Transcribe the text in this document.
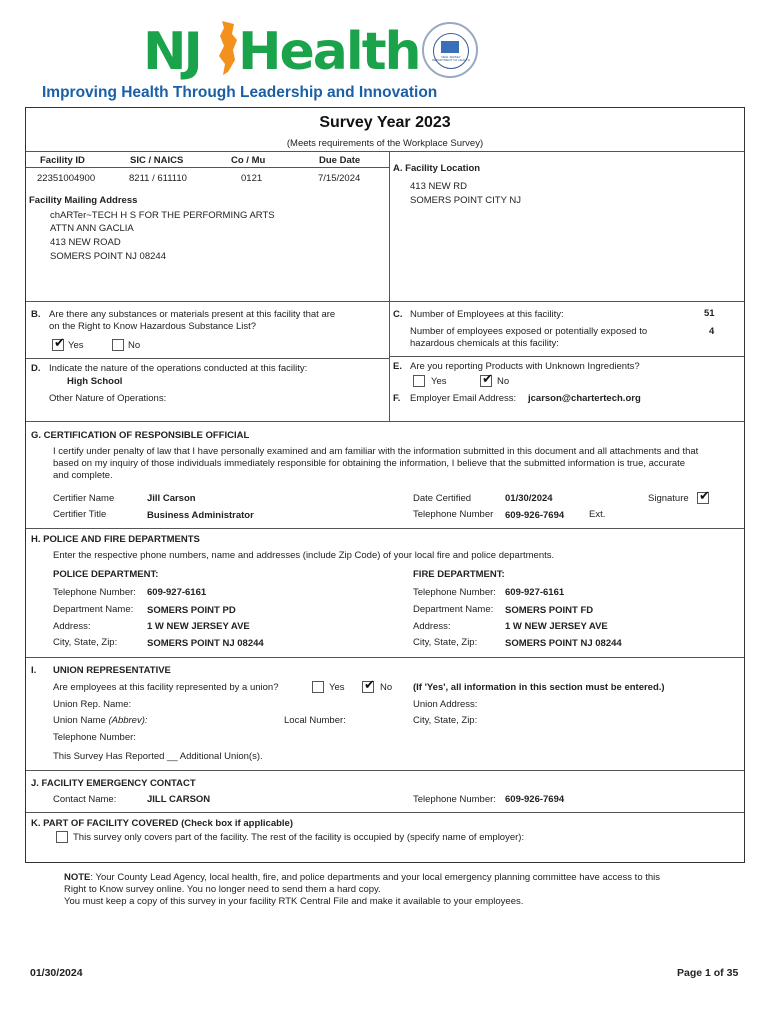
NJ Health	NEW JERSEY DEPARTMENT OF HEALTH
Improving Health Through Leadership and Innovation
Survey Year 2023
(Meets requirements of the Workplace Survey)
Facility ID	SIC / NAICS	Co / Mu	Due Date
22351004900	8211 / 611110	0121	7/15/2024
A. Facility Location
413 NEW RD
SOMERS POINT CITY NJ
Facility Mailing Address
chARTer~TECH H S FOR THE PERFORMING ARTS
ATTN ANN GACLIA
413 NEW ROAD
SOMERS POINT NJ 08244
B. Are there any substances or materials present at this facility that are
on the Right to Know Hazardous Substance List?
✔
Yes	No
D. Indicate the nature of the operations conducted at this facility:
High School
Other Nature of Operations:
C. Number of Employees at this facility:	51
Number of employees exposed or potentially exposed to
hazardous chemicals at this facility:
4
E. Are you reporting Products with Unknown Ingredients?
Yes ✔	No
F. Employer Email Address: jcarson@chartertech.org
G. CERTIFICATION OF RESPONSIBLE OFFICIAL
I certify under penalty of law that I have personally examined and am familiar with the information submitted in this document and all attachments and that
based on my inquiry of those individuals immediately responsible for obtaining the information, I believe that the submitted information is true, accurate
and complete.
Certifier Name	Jill Carson
Certifier Title	Business Administrator
Date Certified	01/30/2024
Telephone Number 609-926-7694	Ext.
Signature
✔
H. POLICE AND FIRE DEPARTMENTS
Enter the respective phone numbers, name and addresses (include Zip Code) of your local fire and police departments.
POLICE DEPARTMENT:	FIRE DEPARTMENT:
Telephone Number: 609-927-6161
Department Name: SOMERS POINT PD
Address:	1 W NEW JERSEY AVE
City, State, Zip:	SOMERS POINT NJ 08244
Telephone Number: 609-927-6161
Department Name: SOMERS POINT FD
Address:	1 W NEW JERSEY AVE
City, State, Zip:	SOMERS POINT NJ 08244
I. UNION REPRESENTATIVE
Are employees at this facility represented by a union?	Yes ✔	No (If 'Yes', all information in this section must be entered.)
Union Rep. Name:	Union Address:
Union Name (Abbrev):	Local Number:	City, State, Zip:
Telephone Number:
This Survey Has Reported __ Additional Union(s).
J. FACILITY EMERGENCY CONTACT
Contact Name:	JILL CARSON	Telephone Number: 609-926-7694
K. PART OF FACILITY COVERED (Check box if applicable)
This survey only covers part of the facility. The rest of the facility is occupied by (specify name of employer):
NOTE: Your County Lead Agency, local health, fire, and police departments and your local emergency planning committee have access to this
Right to Know survey online. You no longer need to send them a hard copy.
You must keep a copy of this survey in your facility RTK Central File and make it available to your employees.
01/30/2024	Page 1 of 35
